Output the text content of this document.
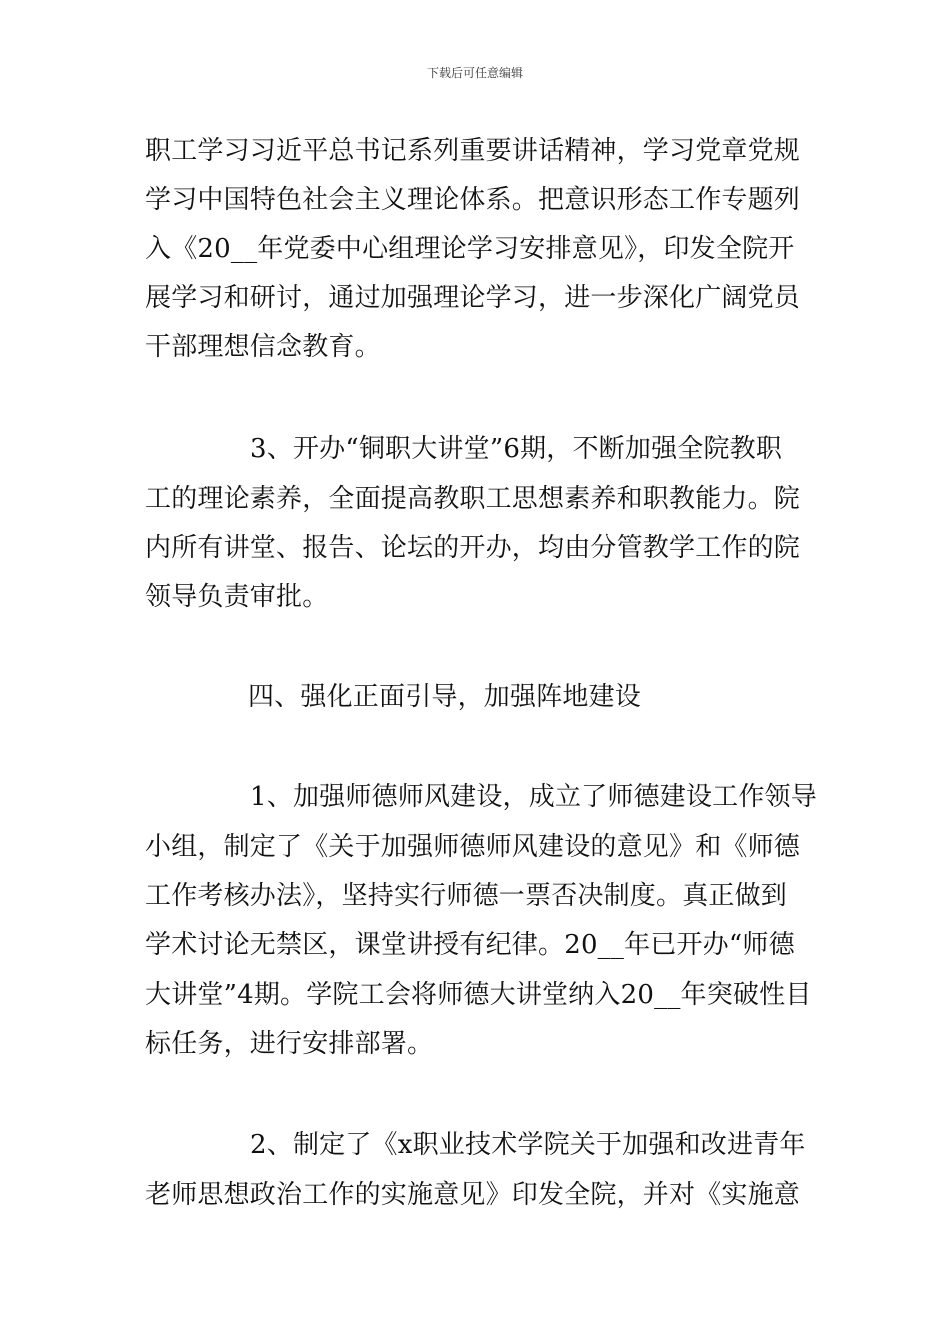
下载后可任意编辑
职工学习习近平总书记系列重要讲话精神，学习党章党规
学习中国特色社会主义理论体系。把意识形态工作专题列
入《20__年党委中心组理论学习安排意见》，印发全院开
展学习和研讨，通过加强理论学习，进一步深化广阔党员
干部理想信念教育。
3、开办“铜职大讲堂”6期，不断加强全院教职
工的理论素养，全面提高教职工思想素养和职教能力。院
内所有讲堂、报告、论坛的开办，均由分管教学工作的院
领导负责审批。
四、强化正面引导，加强阵地建设
1、加强师德师风建设，成立了师德建设工作领导
小组，制定了《关于加强师德师风建设的意见》和《师德
工作考核办法》，坚持实行师德一票否决制度。真正做到
学术讨论无禁区，课堂讲授有纪律。20__年已开办“师德
大讲堂”4期。学院工会将师德大讲堂纳入20__年突破性目
标任务，进行安排部署。
2、制定了《x职业技术学院关于加强和改进青年
老师思想政治工作的实施意见》印发全院，并对《实施意
